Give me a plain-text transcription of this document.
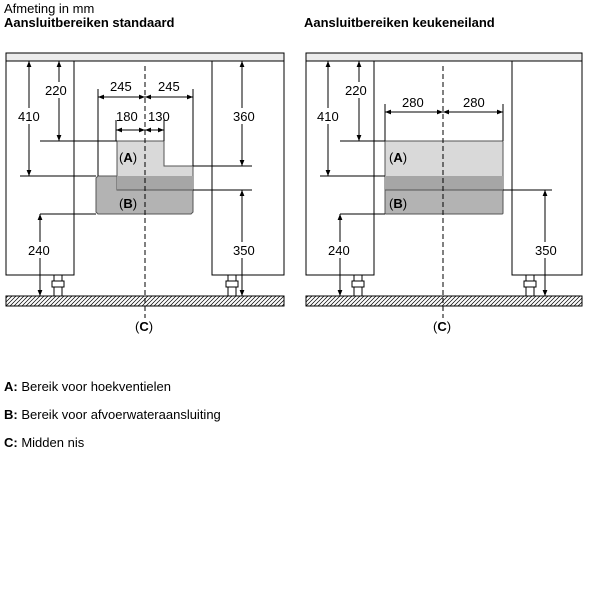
Afmeting in mm
Aansluitbereiken standaard	Aansluitbereiken keukeneiland
410
220	245 245
180 130	360
240	350
(A)
(B)
(C)
410
220
280	280
240	350
(A)
(B)
(C)
A: Bereik voor hoekventielen
B: Bereik voor afvoerwateraansluiting
C: Midden nis
